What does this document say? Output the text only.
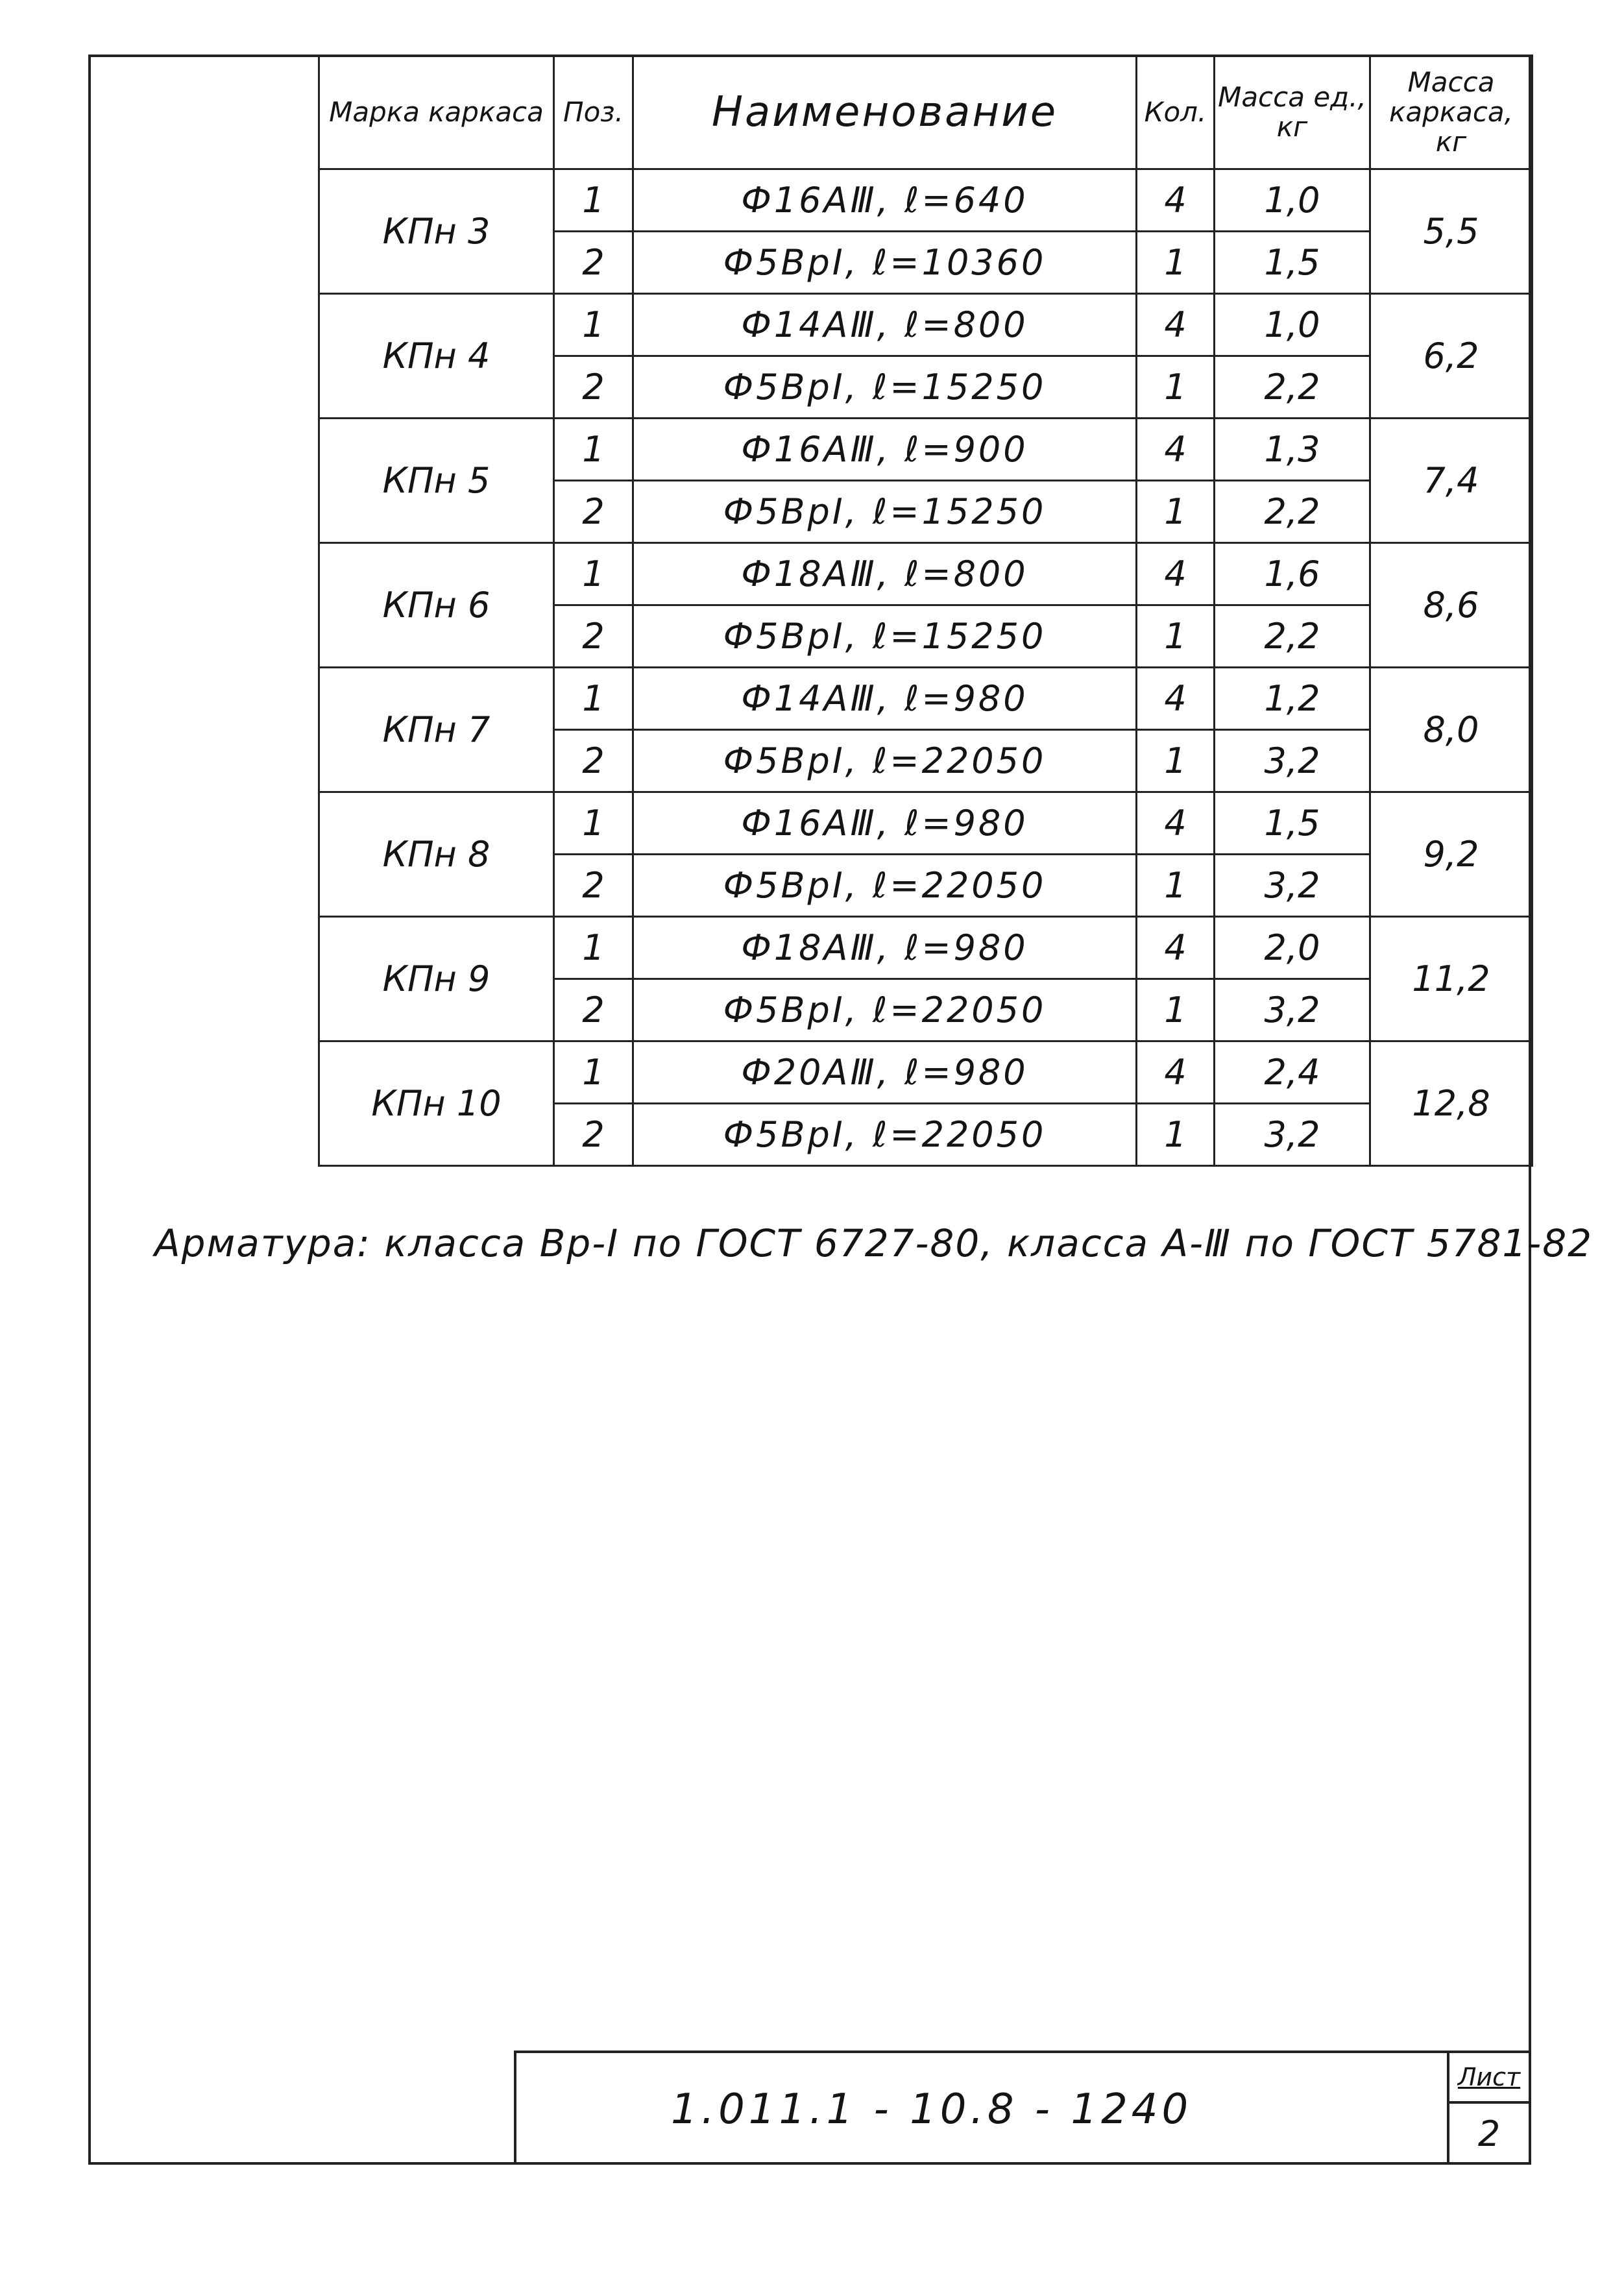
Марка каркаса	Поз.	Наименование	Кол.	Масса ед., кг	Масса каркаса, кг
КПн 3	1	Ф16АⅢ, ℓ=640	4	1,0	5,5
	2	Ф5ВрI, ℓ=10360	1	1,5	
КПн 4	1	Ф14АⅢ, ℓ=800	4	1,0	6,2
	2	Ф5ВрI, ℓ=15250	1	2,2	
КПн 5	1	Ф16АⅢ, ℓ=900	4	1,3	7,4
	2	Ф5ВрI, ℓ=15250	1	2,2	
КПн 6	1	Ф18АⅢ, ℓ=800	4	1,6	8,6
	2	Ф5ВрI, ℓ=15250	1	2,2	
КПн 7	1	Ф14АⅢ, ℓ=980	4	1,2	8,0
	2	Ф5ВрI, ℓ=22050	1	3,2	
КПн 8	1	Ф16АⅢ, ℓ=980	4	1,5	9,2
	2	Ф5ВрI, ℓ=22050	1	3,2	
КПн 9	1	Ф18АⅢ, ℓ=980	4	2,0	11,2
	2	Ф5ВрI, ℓ=22050	1	3,2	
КПн 10	1	Ф20АⅢ, ℓ=980	4	2,4	12,8
	2	Ф5ВрI, ℓ=22050	1	3,2	
Арматура: класса Вр-I по ГОСТ 6727-80, класса А-Ⅲ по ГОСТ 5781-82
1.011.1 - 10.8 - 1240
Лист
2
